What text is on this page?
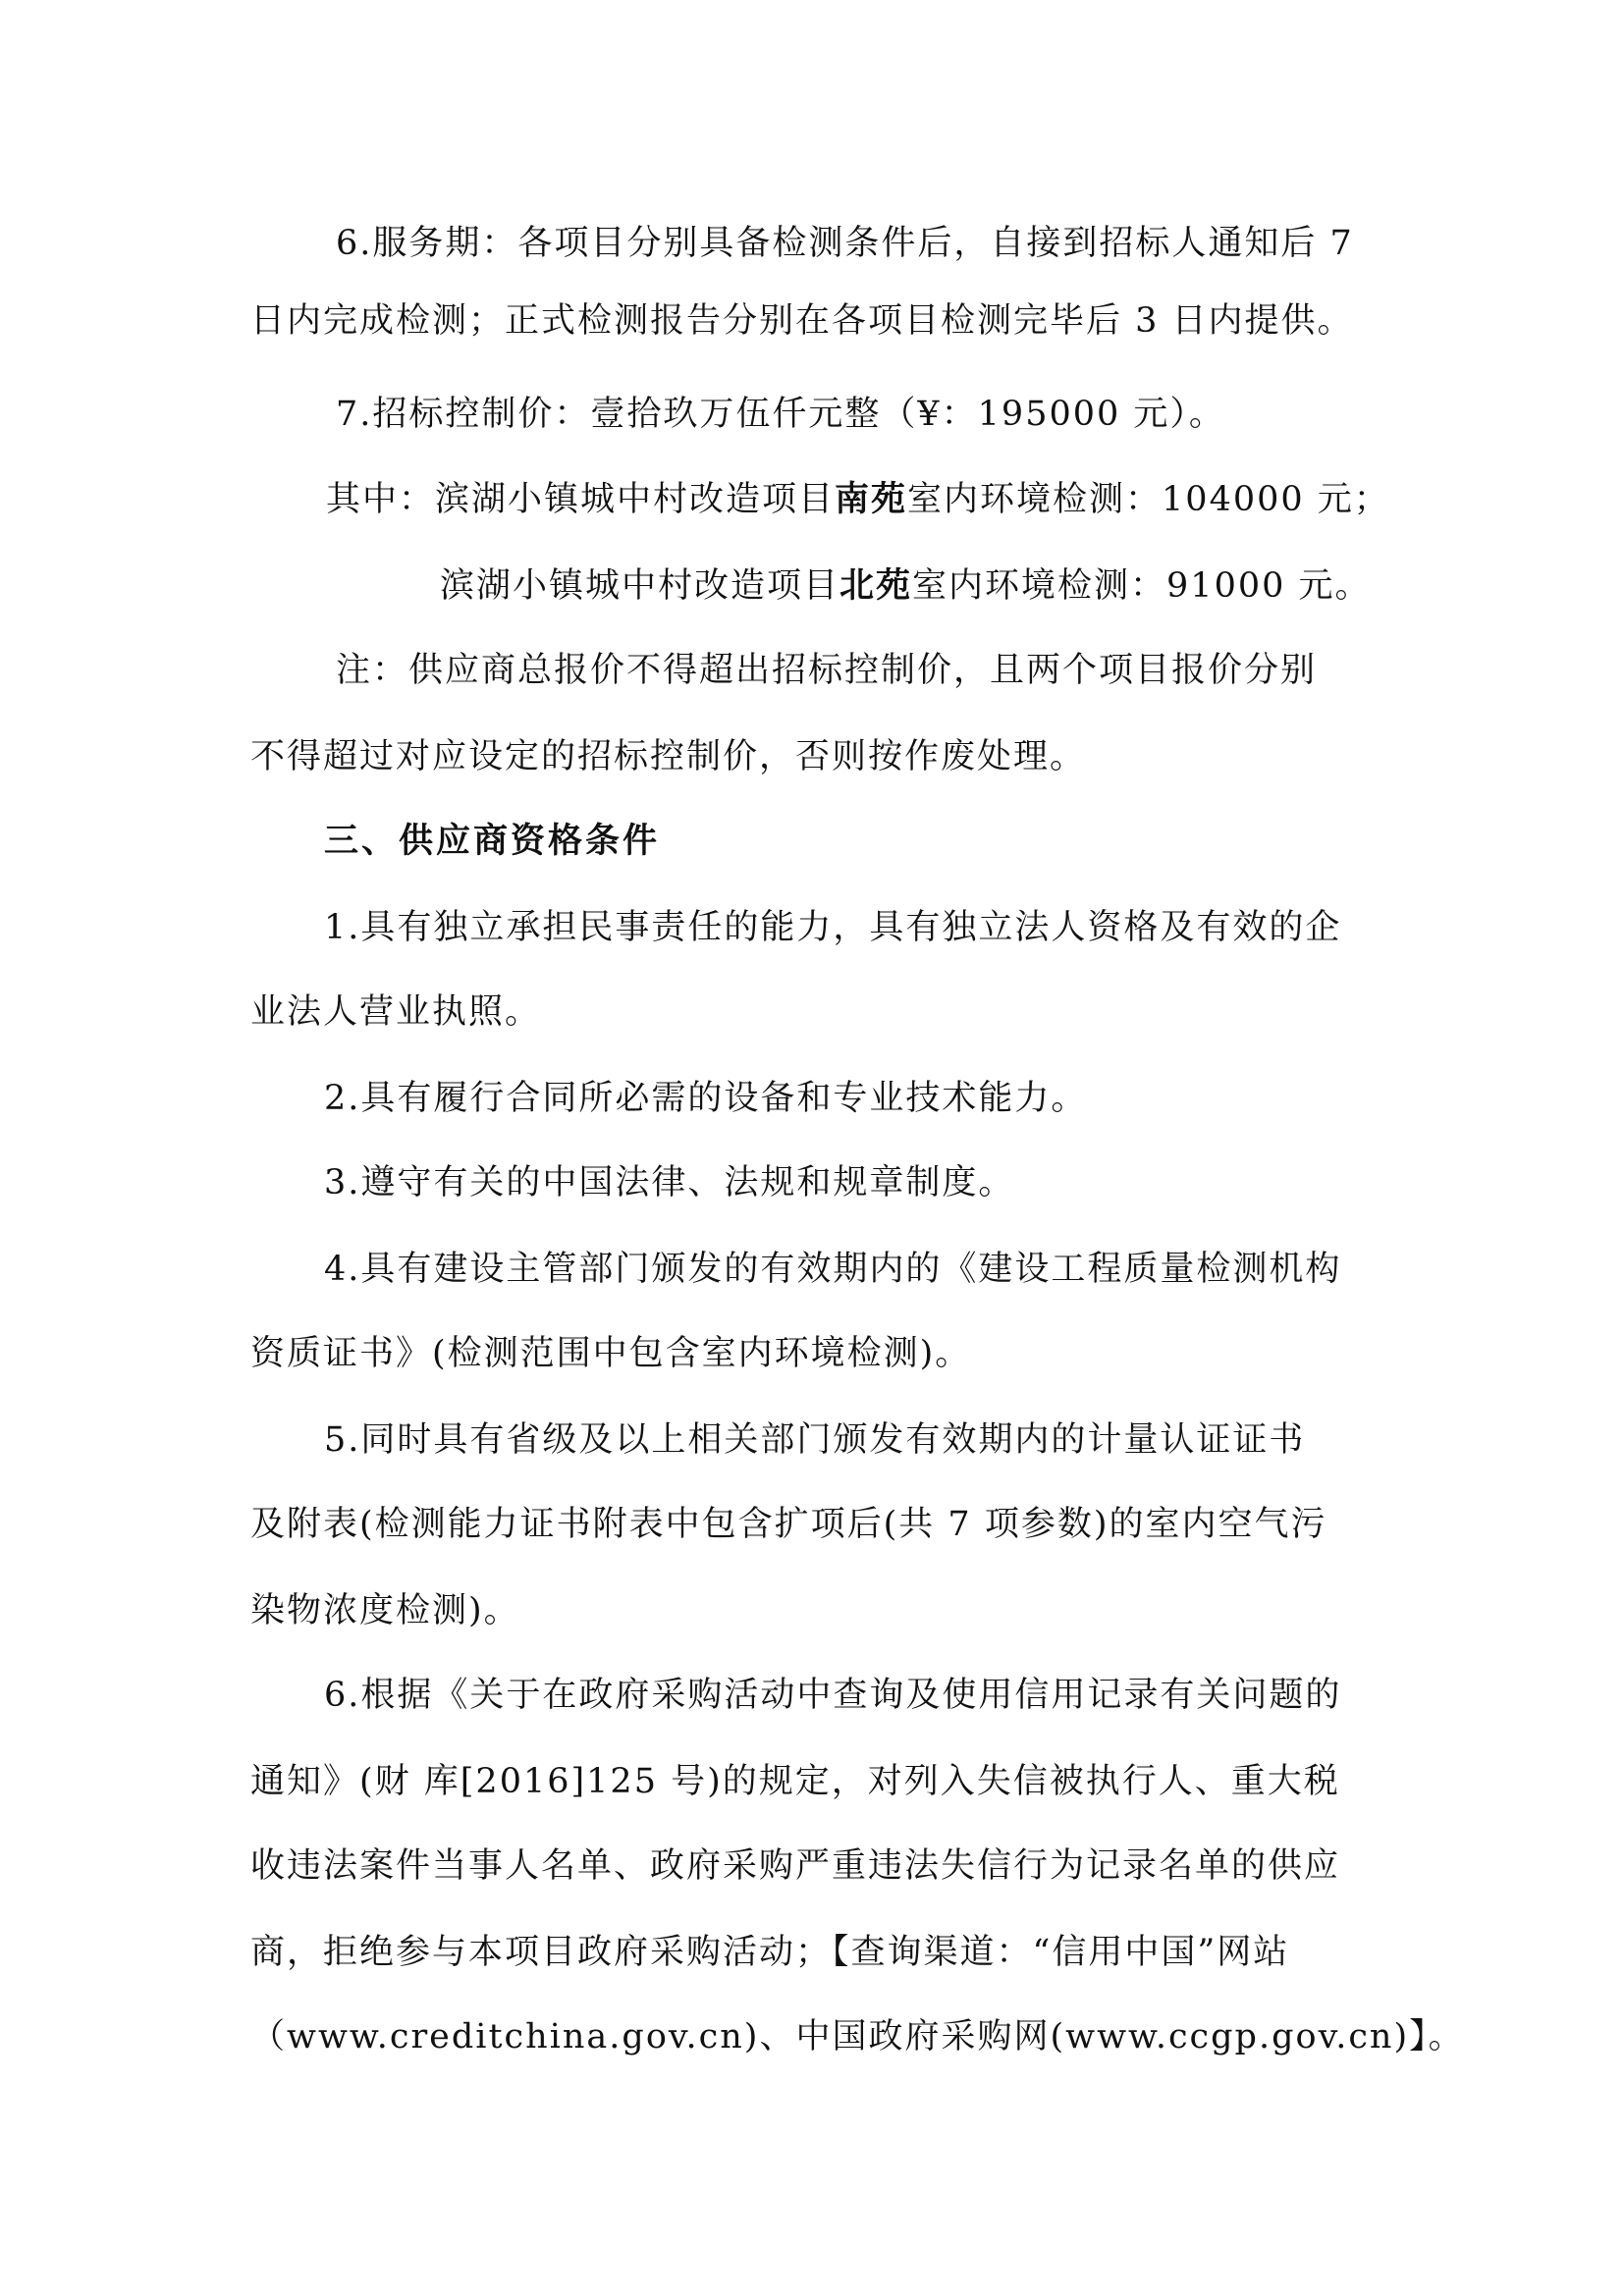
6.服务期：各项目分别具备检测条件后，自接到招标人通知后 7
日内完成检测；正式检测报告分别在各项目检测完毕后 3 日内提供。
7.招标控制价：壹拾玖万伍仟元整（¥：195000 元）。
其中：滨湖小镇城中村改造项目南苑室内环境检测：104000 元；
滨湖小镇城中村改造项目北苑室内环境检测：91000 元。
注：供应商总报价不得超出招标控制价，且两个项目报价分别
不得超过对应设定的招标控制价，否则按作废处理。
三、供应商资格条件
1.具有独立承担民事责任的能力，具有独立法人资格及有效的企
业法人营业执照。
2.具有履行合同所必需的设备和专业技术能力。
3.遵守有关的中国法律、法规和规章制度。
4.具有建设主管部门颁发的有效期内的《建设工程质量检测机构
资质证书》(检测范围中包含室内环境检测)。
5.同时具有省级及以上相关部门颁发有效期内的计量认证证书
及附表(检测能力证书附表中包含扩项后(共 7 项参数)的室内空气污
染物浓度检测)。
6.根据《关于在政府采购活动中查询及使用信用记录有关问题的
通知》(财 库[2016]125 号)的规定，对列入失信被执行人、重大税
收违法案件当事人名单、政府采购严重违法失信行为记录名单的供应
商，拒绝参与本项目政府采购活动；【查询渠道：“信用中国”网站
（www.creditchina.gov.cn)、中国政府采购网(www.ccgp.gov.cn)】。
